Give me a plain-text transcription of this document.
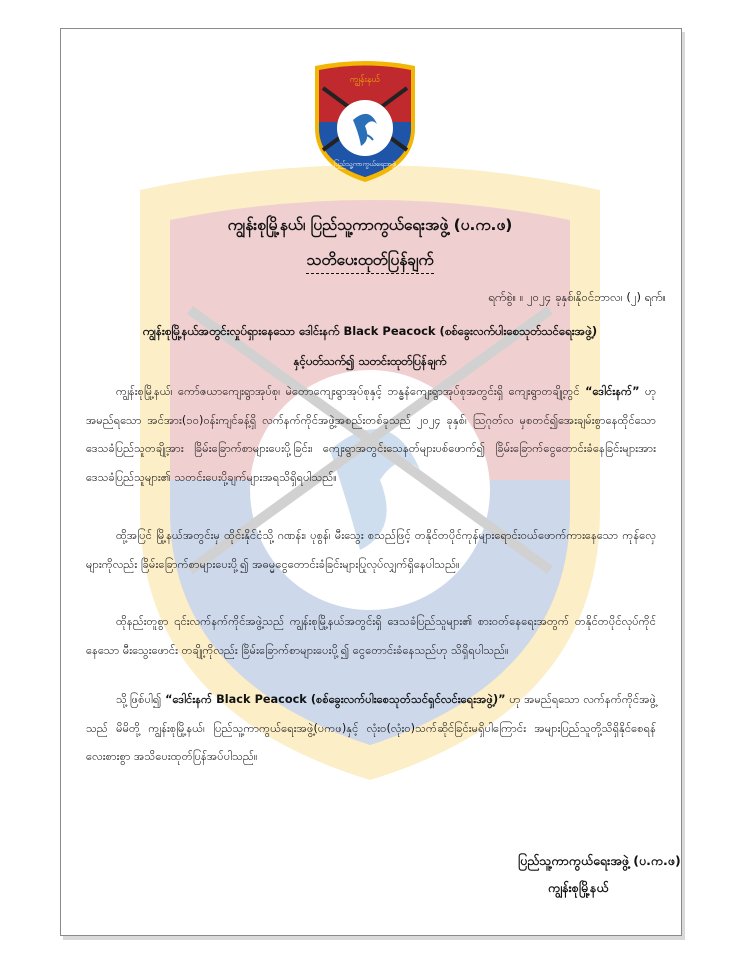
ကျွန်းနယ်
ပြည်သူ့ကာကွယ်ရေးအဖွဲ့
ကျွန်းစုမြို့နယ်၊ ပြည်သူ့ကာကွယ်ရေးအဖွဲ့ (ပ.က.ဖ)
သတိပေးထုတ်ပြန်ချက်
ရက်စွဲ။ ။ ၂၀၂၄ ခုနှစ်၊နိုဝင်ဘာလ၊ (၂) ရက်။
ကျွန်းစုမြို့နယ်အတွင်းလှုပ်ရှားနေသော ဒေါင်းနက် Black Peacock (စစ်ခွေးလက်ပါးစေသုတ်သင်ရေးအဖွဲ့)
နှင့်ပတ်သက်၍ သတင်းထုတ်ပြန်ချက်
ကျွန်းစုမြို့နယ်၊ ကော်ဇယာကျေးရွာအုပ်စု၊ မဲတောကျေးရွာအုပ်စုနှင့် ဘန္ဓနံကျေးရွာအုပ်စုအတွင်းရှိ ကျေးရွာတချို့တွင် “ဒေါင်းနက်” ဟုအမည်ရသော အင်အား(၁၀)ဝန်းကျင်ခန့်ရှိ လက်နက်ကိုင်အဖွဲ့အစည်းတစ်ခုသည် ၂၀၂၄ ခုနှစ်၊ ဩဂုတ်လ မှစတင်၍အေးချမ်းစွာနေထိုင်သော ဒေသခံပြည်သူတချို့အား ခြိမ်းခြောက်စာများပေးပို့ခြင်း၊ ကျေးရွာအတွင်းသေနတ်များပစ်ဖောက်၍ ခြိမ်းခြောက်ငွေတောင်းခံနေခြင်းများအား ဒေသခံပြည်သူများ၏ သတင်းပေးပို့ချက်များအရသိရှိရပါသည်။
ထို့အပြင် မြို့နယ်အတွင်းမှ ထိုင်းနိုင်ငံသို့ ဂဏန်း၊ ပုစွန်၊ မီးသွေး စသည်ဖြင့် တနိုင်တပိုင်ကုန်များရောင်းဝယ်ဖောက်ကားနေသော ကုန်လှေများကိုလည်း ခြိမ်းခြောက်စာများပေးပို့၍ အဓမ္မငွေတောင်းခံခြင်းများပြုလုပ်လျှက်ရှိနေပါသည်။
ထိုနည်းတူစွာ ၎င်းလက်နက်ကိုင်အဖွဲ့သည် ကျွန်းစုမြို့နယ်အတွင်းရှိ ဒေသခံပြည်သူများ၏ စားဝတ်နေရေးအတွက် တနိုင်တပိုင်လုပ်ကိုင်နေသော မီးသွေးဖောင်း တချို့ကိုလည်း ခြိမ်းခြောက်စာများပေးပို့၍ ငွေတောင်းခံနေသည်ဟု သိရှိရပါသည်။
သို့ဖြစ်ပါ၍ “ဒေါင်းနက် Black Peacock (စစ်ခွေးလက်ပါးစေသုတ်သင်ရှင်လင်းရေးအဖွဲ့)” ဟု အမည်ရသော လက်နက်ကိုင်အဖွဲ့သည် မိမိတို့ ကျွန်းစုမြို့နယ်၊ ပြည်သူ့ကာကွယ်ရေးအဖွဲ့(ပကဖ)နှင့် လုံး၀(လုံး၀)သက်ဆိုင်ခြင်းမရှိပါကြောင်း အများပြည်သူတို့သိရှိနိုင်စေရန် လေးစားစွာ အသိပေးထုတ်ပြန်အပ်ပါသည်။
ပြည်သူ့ကာကွယ်ရေးအဖွဲ့ (ပ.က.ဖ)
ကျွန်းစုမြို့နယ်
